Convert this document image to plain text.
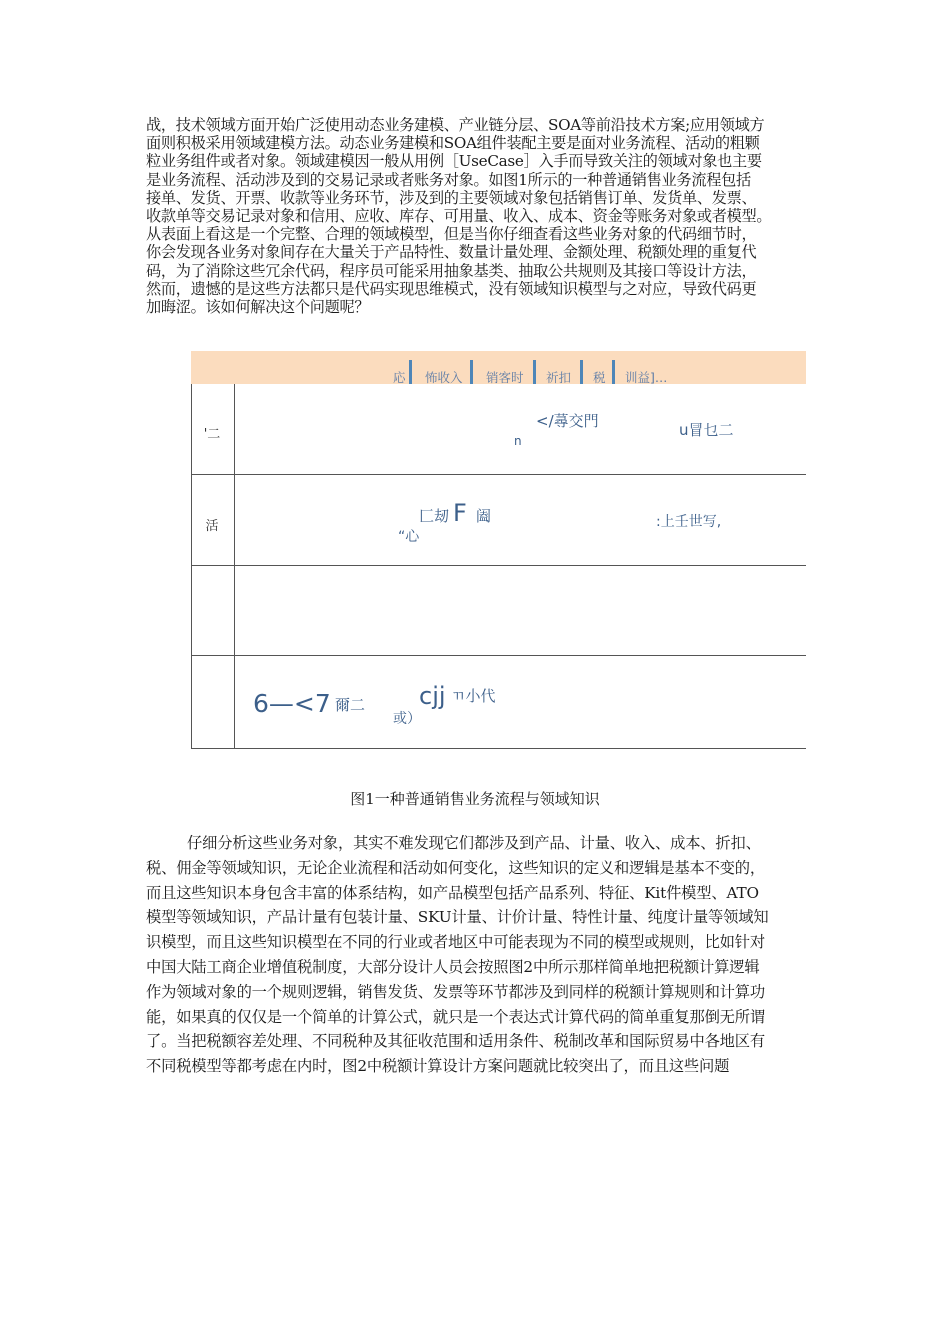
战，技术领域方面开始广泛使用动态业务建模、产业链分层、SOA等前沿技术方案;应用领域方
面则积极采用领域建模方法。动态业务建模和SOA组件装配主要是面对业务流程、活动的粗颗
粒业务组件或者对象。领域建模因一般从用例［UseCase］入手而导致关注的领域对象也主要
是业务流程、活动涉及到的交易记录或者账务对象。如图1所示的一种普通销售业务流程包括
接单、发货、开票、收款等业务环节，涉及到的主要领域对象包括销售订单、发货单、发票、
收款单等交易记录对象和信用、应收、库存、可用量、收入、成本、资金等账务对象或者模型。
从表面上看这是一个完整、合理的领域模型，但是当你仔细查看这些业务对象的代码细节时，
你会发现各业务对象间存在大量关于产品特性、数量计量处理、金额处理、税额处理的重复代
码，为了消除这些冗余代码，程序员可能采用抽象基类、抽取公共规则及其接口等设计方法，
然而，遗憾的是这些方法都只是代码实现思维模式，没有领域知识模型与之对应，导致代码更
加晦涩。该如何解决这个问题呢？
応 怖收入 销客时 祈扣 税 训益]…
'二
活
</蕁交門
n
u冒乜二
匚刼 F 阖
“心
:上壬世写,
6—<7 爾二 cjj ㄲ小代
或）
图1一种普通销售业务流程与领域知识
仔细分析这些业务对象，其实不难发现它们都涉及到产品、计量、收入、成本、折扣、
税、佣金等领域知识，无论企业流程和活动如何变化，这些知识的定义和逻辑是基本不变的，
而且这些知识本身包含丰富的体系结构，如产品模型包括产品系列、特征、Kit件模型、ATO
模型等领域知识，产品计量有包装计量、SKU计量、计价计量、特性计量、纯度计量等领域知
识模型，而且这些知识模型在不同的行业或者地区中可能表现为不同的模型或规则，比如针对
中国大陆工商企业增值税制度，大部分设计人员会按照图2中所示那样简单地把税额计算逻辑
作为领域对象的一个规则逻辑，销售发货、发票等环节都涉及到同样的税额计算规则和计算功
能，如果真的仅仅是一个简单的计算公式，就只是一个表达式计算代码的简单重复那倒无所谓
了。当把税额容差处理、不同税种及其征收范围和适用条件、税制改革和国际贸易中各地区有
不同税模型等都考虑在内时，图2中税额计算设计方案问题就比较突出了，而且这些问题
